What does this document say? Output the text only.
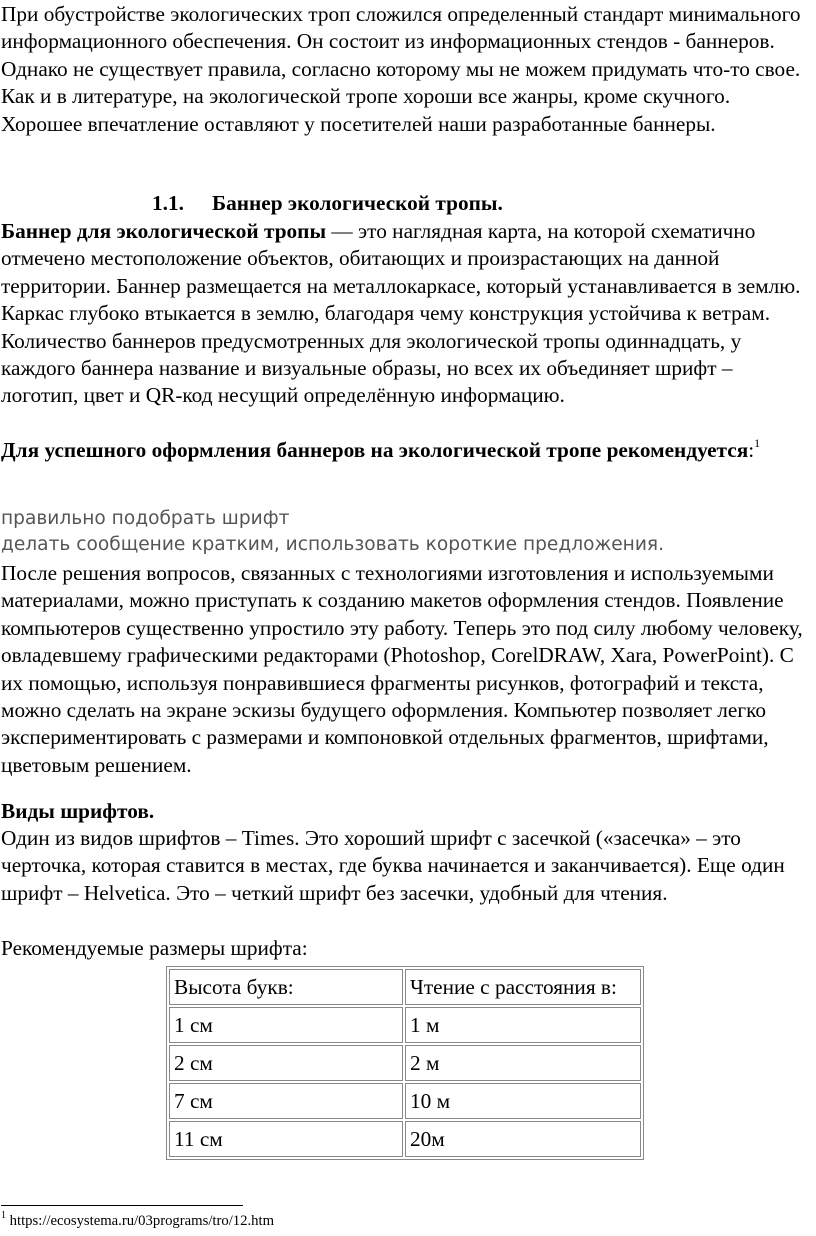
При обустройстве экологических троп сложился определенный стандарт минимального информационного обеспечения. Он состоит из информационных стендов - баннеров. Однако не существует правила, согласно которому мы не можем придумать что-то свое. Как и в литературе, на экологической тропе хороши все жанры, кроме скучного. Хорошее впечатление оставляют у посетителей наши разработанные баннеры.

1.1. Баннер экологической тропы.

Баннер для экологической тропы — это наглядная карта, на которой схематично отмечено местоположение объектов, обитающих и произрастающих на данной территории. Баннер размещается на металлокаркасе, который устанавливается в землю. Каркас глубоко втыкается в землю, благодаря чему конструкция устойчива к ветрам. Количество баннеров предусмотренных для экологической тропы одиннадцать, у каждого баннера название и визуальные образы, но всех их объединяет шрифт – логотип, цвет и QR-код несущий определённую информацию.

Для успешного оформления баннеров на экологической тропе рекомендуется:$^1$

правильно подобрать шрифт

делать сообщение кратким, использовать короткие предложения.

После решения вопросов, связанных с технологиями изготовления и используемыми материалами, можно приступать к созданию макетов оформления стендов. Появление компьютеров существенно упростило эту работу. Теперь это под силу любому человеку, овладевшему графическими редакторами (Photoshop, CorelDRAW, Xara, PowerPoint). С их помощью, используя понравившиеся фрагменты рисунков, фотографий и текста, можно сделать на экране эскизы будущего оформления. Компьютер позволяет легко экспериментировать с размерами и компоновкой отдельных фрагментов, шрифтами, цветовым решением.

Виды шрифтов.

Один из видов шрифтов – Times. Это хороший шрифт с засечкой («засечка» – это черточка, которая ставится в местах, где буква начинается и заканчивается). Еще один шрифт – Helvetica. Это – четкий шрифт без засечки, удобный для чтения.

Рекомендуемые размеры шрифта:

Высота букв:	Чтение с расстояния в:
1 см	1 м
2 см	2 м
7 см	10 м
11 см	20м
$^1$ https://ecosystema.ru/03programs/tro/12.htm
